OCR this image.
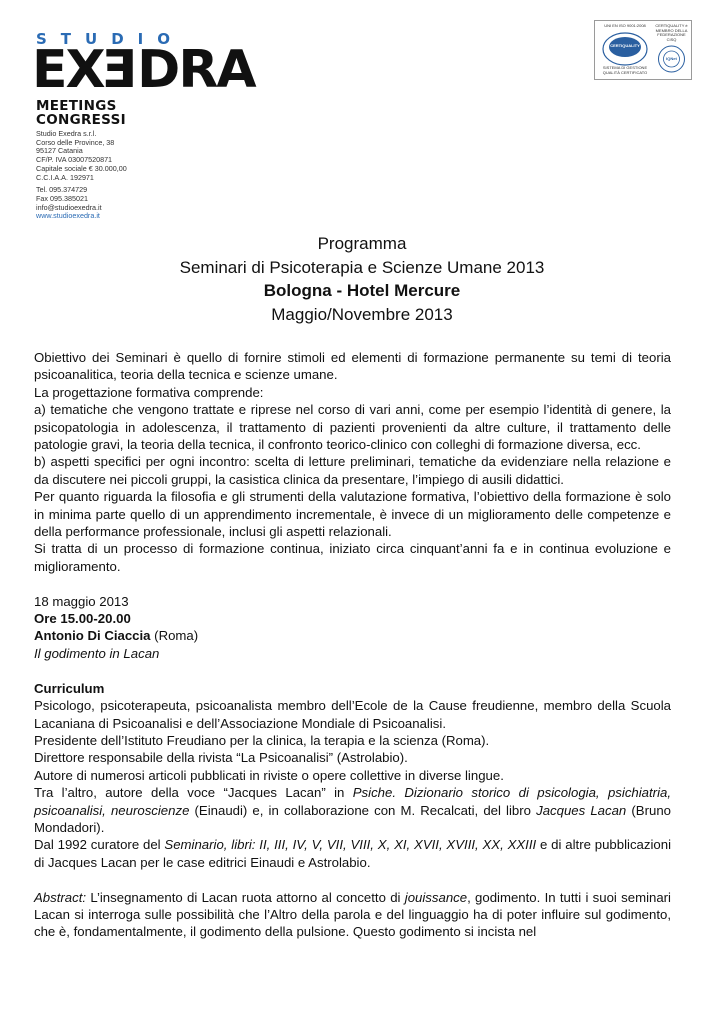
STUDIO
EXEDRA
MEETINGS
CONGRESSI
Studio Exedra s.r.l.
Corso delle Province, 38
95127 Catania
CF/P. IVA 03007520871
Capitale sociale € 30.000,00
C.C.I.A.A. 192971
Tel. 095.374729
Fax 095.385021
info@studioexedra.it
www.studioexedra.it
UNI EN ISO 9001:2008
CERTIQUALITY
SISTEMA DI GESTIONE QUALITÀ CERTIFICATO
CERTIQUALITY è MEMBRO DELLA FEDERAZIONE CISQ
IQNet
Programma
Seminari di Psicoterapia e Scienze Umane 2013
Bologna - Hotel Mercure
Maggio/Novembre 2013

Obiettivo dei Seminari è quello di fornire stimoli ed elementi di formazione permanente su temi di teoria psicoanalitica, teoria della tecnica e scienze umane.

La progettazione formativa comprende:

a) tematiche che vengono trattate e riprese nel corso di vari anni, come per esempio l’identità di genere, la psicopatologia in adolescenza, il trattamento di pazienti provenienti da altre culture, il trattamento delle patologie gravi, la teoria della tecnica, il confronto teorico-clinico con colleghi di formazione diversa, ecc.

b) aspetti specifici per ogni incontro: scelta di letture preliminari, tematiche da evidenziare nella relazione e da discutere nei piccoli gruppi, la casistica clinica da presentare, l’impiego di ausili didattici.

Per quanto riguarda la filosofia e gli strumenti della valutazione formativa, l’obiettivo della formazione è solo in minima parte quello di un apprendimento incrementale, è invece di un miglioramento delle competenze e della performance professionale, inclusi gli aspetti relazionali.

Si tratta di un processo di formazione continua, iniziato circa cinquant’anni fa e in continua evoluzione e miglioramento.

18 maggio 2013

Ore 15.00-20.00

Antonio Di Ciaccia (Roma)

Il godimento in Lacan

Curriculum

Psicologo, psicoterapeuta, psicoanalista membro dell’Ecole de la Cause freudienne, membro della Scuola Lacaniana di Psicoanalisi e dell’Associazione Mondiale di Psicoanalisi.

Presidente dell’Istituto Freudiano per la clinica, la terapia e la scienza (Roma).

Direttore responsabile della rivista “La Psicoanalisi” (Astrolabio).

Autore di numerosi articoli pubblicati in riviste o opere collettive in diverse lingue.

Tra l’altro, autore della voce “Jacques Lacan” in Psiche. Dizionario storico di psicologia, psichiatria, psicoanalisi, neuroscienze (Einaudi) e, in collaborazione con M. Recalcati, del libro Jacques Lacan (Bruno Mondadori).

Dal 1992 curatore del Seminario, libri: II, III, IV, V, VII, VIII, X, XI, XVII, XVIII, XX, XXIII e di altre pubblicazioni di Jacques Lacan per le case editrici Einaudi e Astrolabio.

Abstract: L’insegnamento di Lacan ruota attorno al concetto di jouissance, godimento. In tutti i suoi seminari Lacan si interroga sulle possibilità che l’Altro della parola e del linguaggio ha di poter influire sul godimento, che è, fondamentalmente, il godimento della pulsione. Questo godimento si incista nel
